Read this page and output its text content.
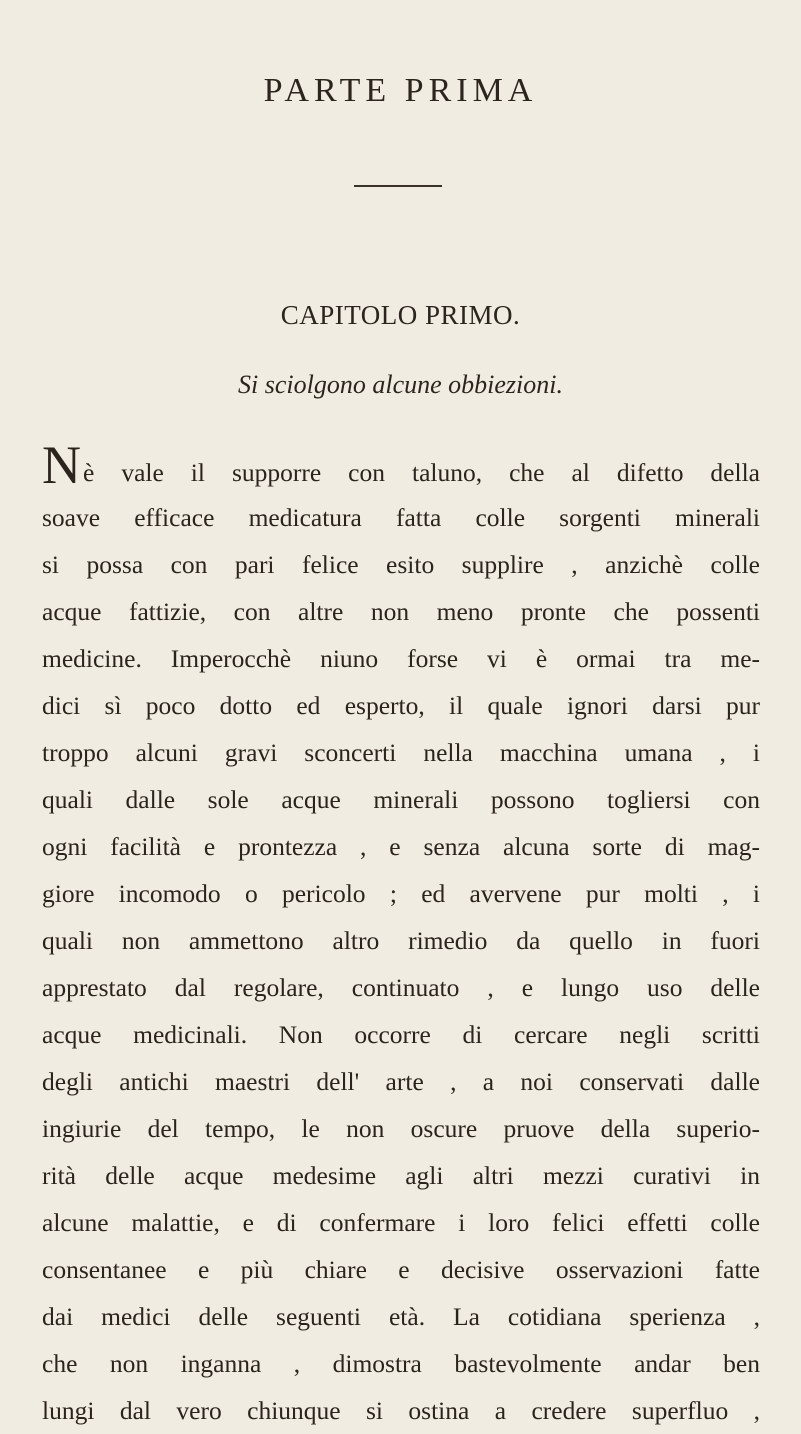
PARTE PRIMA
CAPITOLO PRIMO.
Si sciolgono alcune obbiezioni.
Nè vale il supporre con taluno, che al difetto della
soave efficace medicatura fatta colle sorgenti minerali
si possa con pari felice esito supplire , anzichè colle
acque fattizie, con altre non meno pronte che possenti
medicine. Imperocchè niuno forse vi è ormai tra me-
dici sì poco dotto ed esperto, il quale ignori darsi pur
troppo alcuni gravi sconcerti nella macchina umana , i
quali dalle sole acque minerali possono togliersi con
ogni facilità e prontezza , e senza alcuna sorte di mag-
giore incomodo o pericolo ; ed avervene pur molti , i
quali non ammettono altro rimedio da quello in fuori
apprestato dal regolare, continuato , e lungo uso delle
acque medicinali. Non occorre di cercare negli scritti
degli antichi maestri dell' arte , a noi conservati dalle
ingiurie del tempo, le non oscure pruove della superio-
rità delle acque medesime agli altri mezzi curativi in
alcune malattie, e di confermare i loro felici effetti colle
consentanee e più chiare e decisive osservazioni fatte
dai medici delle seguenti età. La cotidiana sperienza ,
che non inganna , dimostra bastevolmente andar ben
lungi dal vero chiunque si ostina a credere superfluo ,
